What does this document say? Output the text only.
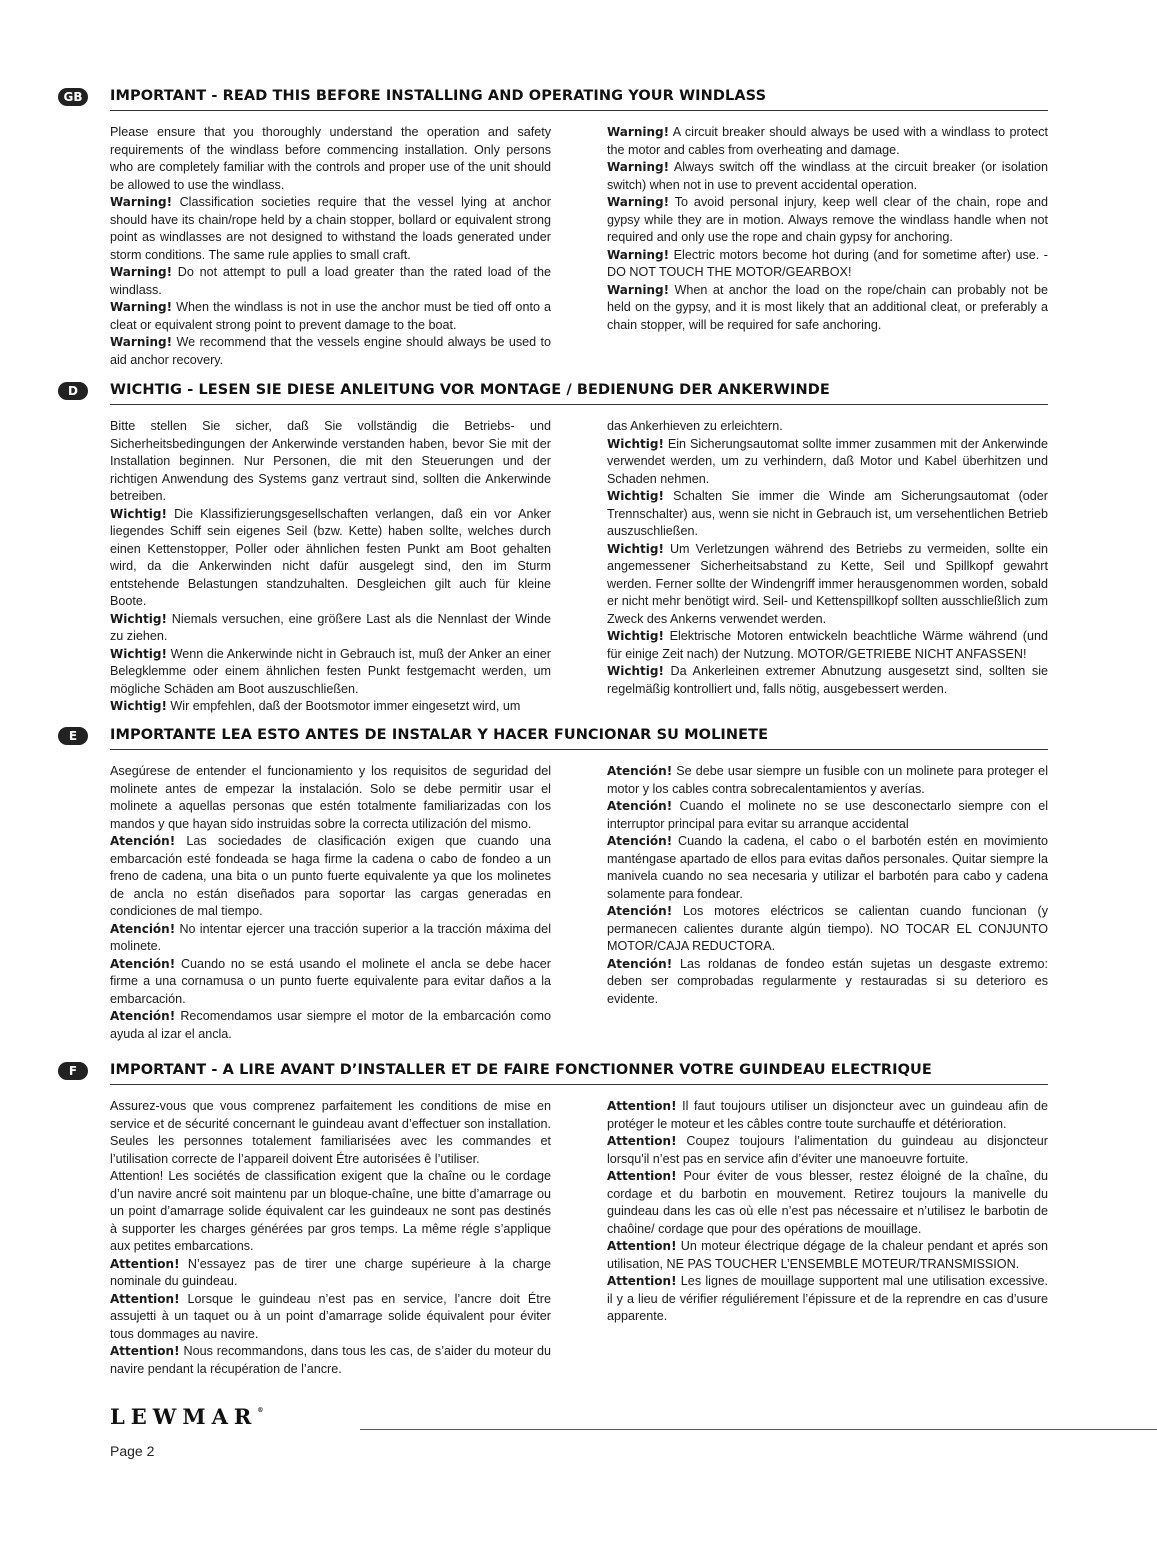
GB	IMPORTANT - READ THIS BEFORE INSTALLING AND OPERATING YOUR WINDLASS

Please ensure that you thoroughly understand the operation and safety requirements of the windlass before commencing installation. Only persons who are completely familiar with the controls and proper use of the unit should be allowed to use the windlass.

Warning! Classification societies require that the vessel lying at anchor should have its chain/rope held by a chain stopper, bollard or equivalent strong point as windlasses are not designed to withstand the loads generated under storm conditions. The same rule applies to small craft.

Warning! Do not attempt to pull a load greater than the rated load of the windlass.

Warning! When the windlass is not in use the anchor must be tied off onto a cleat or equivalent strong point to prevent damage to the boat.

Warning! We recommend that the vessels engine should always be used to aid anchor recovery.

Warning! A circuit breaker should always be used with a windlass to protect the motor and cables from overheating and damage.

Warning! Always switch off the windlass at the circuit breaker (or isolation switch) when not in use to prevent accidental operation.

Warning! To avoid personal injury, keep well clear of the chain, rope and gypsy while they are in motion. Always remove the windlass handle when not required and only use the rope and chain gypsy for anchoring.

Warning! Electric motors become hot during (and for sometime after) use. - DO NOT TOUCH THE MOTOR/GEARBOX!

Warning! When at anchor the load on the rope/chain can probably not be held on the gypsy, and it is most likely that an additional cleat, or preferably a chain stopper, will be required for safe anchoring.

D	WICHTIG - LESEN SIE DIESE ANLEITUNG VOR MONTAGE / BEDIENUNG DER ANKERWINDE

Bitte stellen Sie sicher, daß Sie vollständig die Betriebs- und Sicherheitsbedingungen der Ankerwinde verstanden haben, bevor Sie mit der Installation beginnen. Nur Personen, die mit den Steuerungen und der richtigen Anwendung des Systems ganz vertraut sind, sollten die Ankerwinde betreiben.

Wichtig! Die Klassifizierungsgesellschaften verlangen, daß ein vor Anker liegendes Schiff sein eigenes Seil (bzw. Kette) haben sollte, welches durch einen Kettenstopper, Poller oder ähnlichen festen Punkt am Boot gehalten wird, da die Ankerwinden nicht dafür ausgelegt sind, den im Sturm entstehende Belastungen standzuhalten. Desgleichen gilt auch für kleine Boote.

Wichtig! Niemals versuchen, eine größere Last als die Nennlast der Winde zu ziehen.

Wichtig! Wenn die Ankerwinde nicht in Gebrauch ist, muß der Anker an einer Belegklemme oder einem ähnlichen festen Punkt festgemacht werden, um mögliche Schäden am Boot auszuschließen.

Wichtig! Wir empfehlen, daß der Bootsmotor immer eingesetzt wird, um

das Ankerhieven zu erleichtern.

Wichtig! Ein Sicherungsautomat sollte immer zusammen mit der Ankerwinde verwendet werden, um zu verhindern, daß Motor und Kabel überhitzen und Schaden nehmen.

Wichtig! Schalten Sie immer die Winde am Sicherungsautomat (oder Trennschalter) aus, wenn sie nicht in Gebrauch ist, um versehentlichen Betrieb auszuschließen.

Wichtig! Um Verletzungen während des Betriebs zu vermeiden, sollte ein angemessener Sicherheitsabstand zu Kette, Seil und Spillkopf gewahrt werden. Ferner sollte der Windengriff immer herausgenommen worden, sobald er nicht mehr benötigt wird. Seil- und Kettenspillkopf sollten ausschließlich zum Zweck des Ankerns verwendet werden.

Wichtig! Elektrische Motoren entwickeln beachtliche Wärme während (und für einige Zeit nach) der Nutzung. MOTOR/GETRIEBE NICHT ANFASSEN!

Wichtig! Da Ankerleinen extremer Abnutzung ausgesetzt sind, sollten sie regelmäßig kontrolliert und, falls nötig, ausgebessert werden.

E	IMPORTANTE LEA ESTO ANTES DE INSTALAR Y HACER FUNCIONAR SU MOLINETE

Asegúrese de entender el funcionamiento y los requisitos de seguridad del molinete antes de empezar la instalación. Solo se debe permitir usar el molinete a aquellas personas que estén totalmente familiarizadas con los mandos y que hayan sido instruidas sobre la correcta utilización del mismo.

Atención! Las sociedades de clasificación exigen que cuando una embarcación esté fondeada se haga firme la cadena o cabo de fondeo a un freno de cadena, una bita o un punto fuerte equivalente ya que los molinetes de ancla no están diseñados para soportar las cargas generadas en condiciones de mal tiempo.

Atención! No intentar ejercer una tracción superior a la tracción máxima del molinete.

Atención! Cuando no se está usando el molinete el ancla se debe hacer firme a una cornamusa o un punto fuerte equivalente para evitar daños a la embarcación.

Atención! Recomendamos usar siempre el motor de la embarcación como ayuda al izar el ancla.

Atención! Se debe usar siempre un fusible con un molinete para proteger el motor y los cables contra sobrecalentamientos y averías.

Atención! Cuando el molinete no se use desconectarlo siempre con el interruptor principal para evitar su arranque accidental

Atención! Cuando la cadena, el cabo o el barbotén estén en movimiento manténgase apartado de ellos para evitas daños personales. Quitar siempre la manivela cuando no sea necesaria y utilizar el barbotén para cabo y cadena solamente para fondear.

Atención! Los motores eléctricos se calientan cuando funcionan (y permanecen calientes durante algún tiempo). NO TOCAR EL CONJUNTO MOTOR/CAJA REDUCTORA.

Atención! Las roldanas de fondeo están sujetas un desgaste extremo: deben ser comprobadas regularmente y restauradas si su deterioro es evidente.

F	IMPORTANT - A LIRE AVANT D’INSTALLER ET DE FAIRE FONCTIONNER VOTRE GUINDEAU ELECTRIQUE

Assurez-vous que vous comprenez parfaitement les conditions de mise en service et de sécurité concernant le guindeau avant d’effectuer son installation. Seules les personnes totalement familiarisées avec les commandes et l’utilisation correcte de l’appareil doivent Étre autorisées ê l’utiliser.

Attention! Les sociétés de classification exigent que la chaîne ou le cordage d’un navire ancré soit maintenu par un bloque-chaîne, une bitte d’amarrage ou un point d’amarrage solide équivalent car les guindeaux ne sont pas destinés à supporter les charges générées par gros temps. La même régle s’applique aux petites embarcations.

Attention! N’essayez pas de tirer une charge supérieure à la charge nominale du guindeau.

Attention! Lorsque le guindeau n’est pas en service, l’ancre doit Étre assujetti à un taquet ou à un point d’amarrage solide équivalent pour éviter tous dommages au navire.

Attention! Nous recommandons, dans tous les cas, de s’aider du moteur du navire pendant la récupération de l’ancre.

Attention! Il faut toujours utiliser un disjoncteur avec un guindeau afin de protéger le moteur et les câbles contre toute surchauffe et détérioration.

Attention! Coupez toujours l’alimentation du guindeau au disjoncteur lorsqu'il n’est pas en service afin d’éviter une manoeuvre fortuite.

Attention! Pour éviter de vous blesser, restez éloigné de la chaîne, du cordage et du barbotin en mouvement. Retirez toujours la manivelle du guindeau dans les cas où elle n’est pas nécessaire et n’utilisez le barbotin de chaôine/ cordage que pour des opérations de mouillage.

Attention! Un moteur électrique dégage de la chaleur pendant et aprés son utilisation, NE PAS TOUCHER L’ENSEMBLE MOTEUR/TRANSMISSION.

Attention! Les lignes de mouillage supportent mal une utilisation excessive. il y a lieu de vérifier réguliérement l’épissure et de la reprendre en cas d’usure apparente.

LEWMAR®
Page 2
